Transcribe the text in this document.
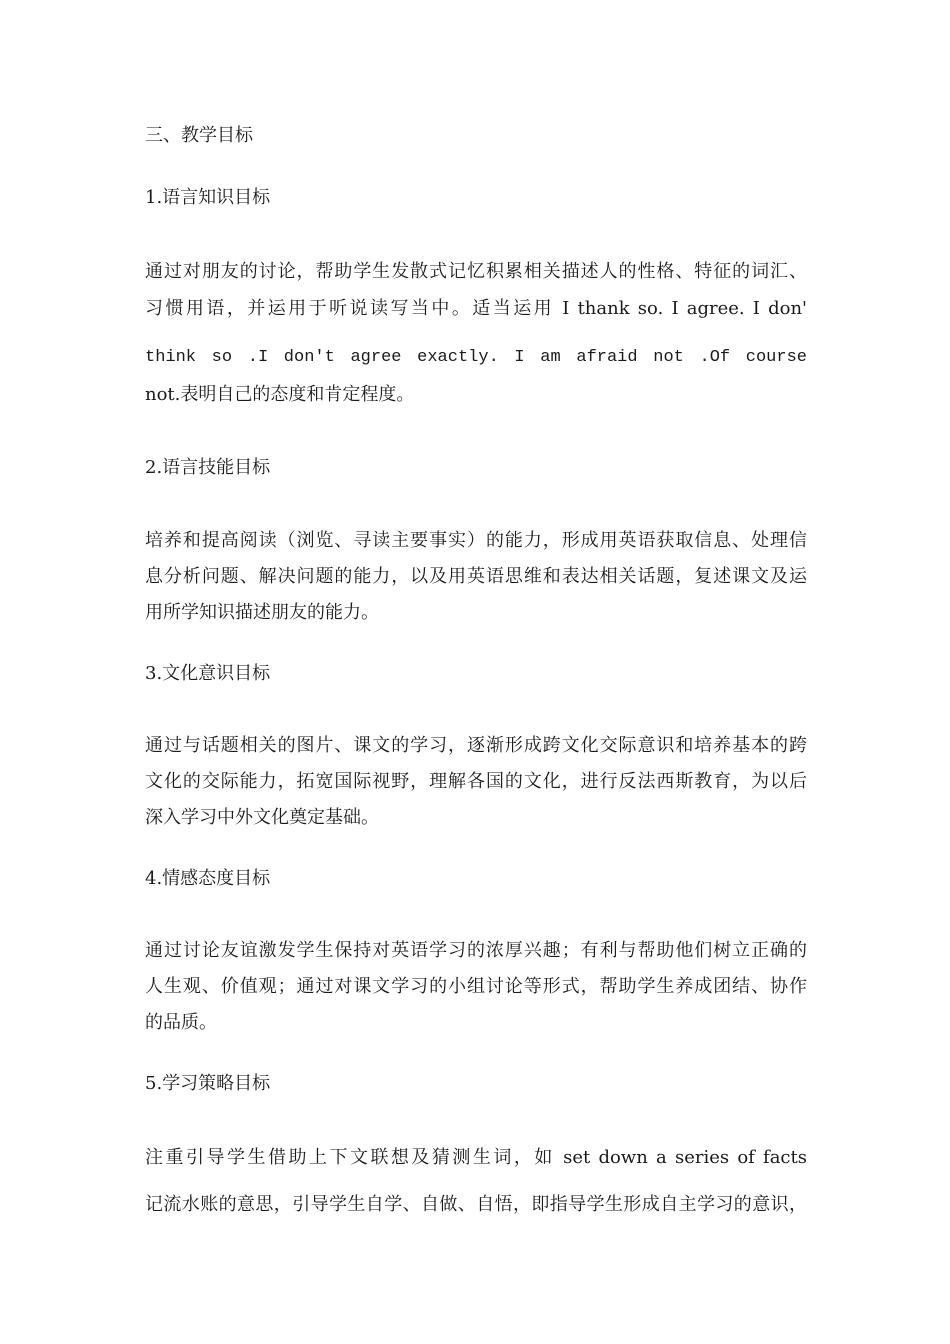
三、教学目标
1.语言知识目标
通过对朋友的讨论，帮助学生发散式记忆积累相关描述人的性格、特征的词汇、
习惯用语，并运用于听说读写当中。适当运用 I thank so. I agree. I don'
think so .I don't agree exactly. I am afraid not .Of course
not.表明自己的态度和肯定程度。
2.语言技能目标
培养和提高阅读（浏览、寻读主要事实）的能力，形成用英语获取信息、处理信
息分析问题、解决问题的能力，以及用英语思维和表达相关话题，复述课文及运
用所学知识描述朋友的能力。
3.文化意识目标
通过与话题相关的图片、课文的学习，逐渐形成跨文化交际意识和培养基本的跨
文化的交际能力，拓宽国际视野，理解各国的文化，进行反法西斯教育，为以后
深入学习中外文化奠定基础。
4.情感态度目标
通过讨论友谊激发学生保持对英语学习的浓厚兴趣；有利与帮助他们树立正确的
人生观、价值观；通过对课文学习的小组讨论等形式，帮助学生养成团结、协作
的品质。
5.学习策略目标
注重引导学生借助上下文联想及猜测生词，如 set down a series of facts
记流水账的意思，引导学生自学、自做、自悟，即指导学生形成自主学习的意识，
